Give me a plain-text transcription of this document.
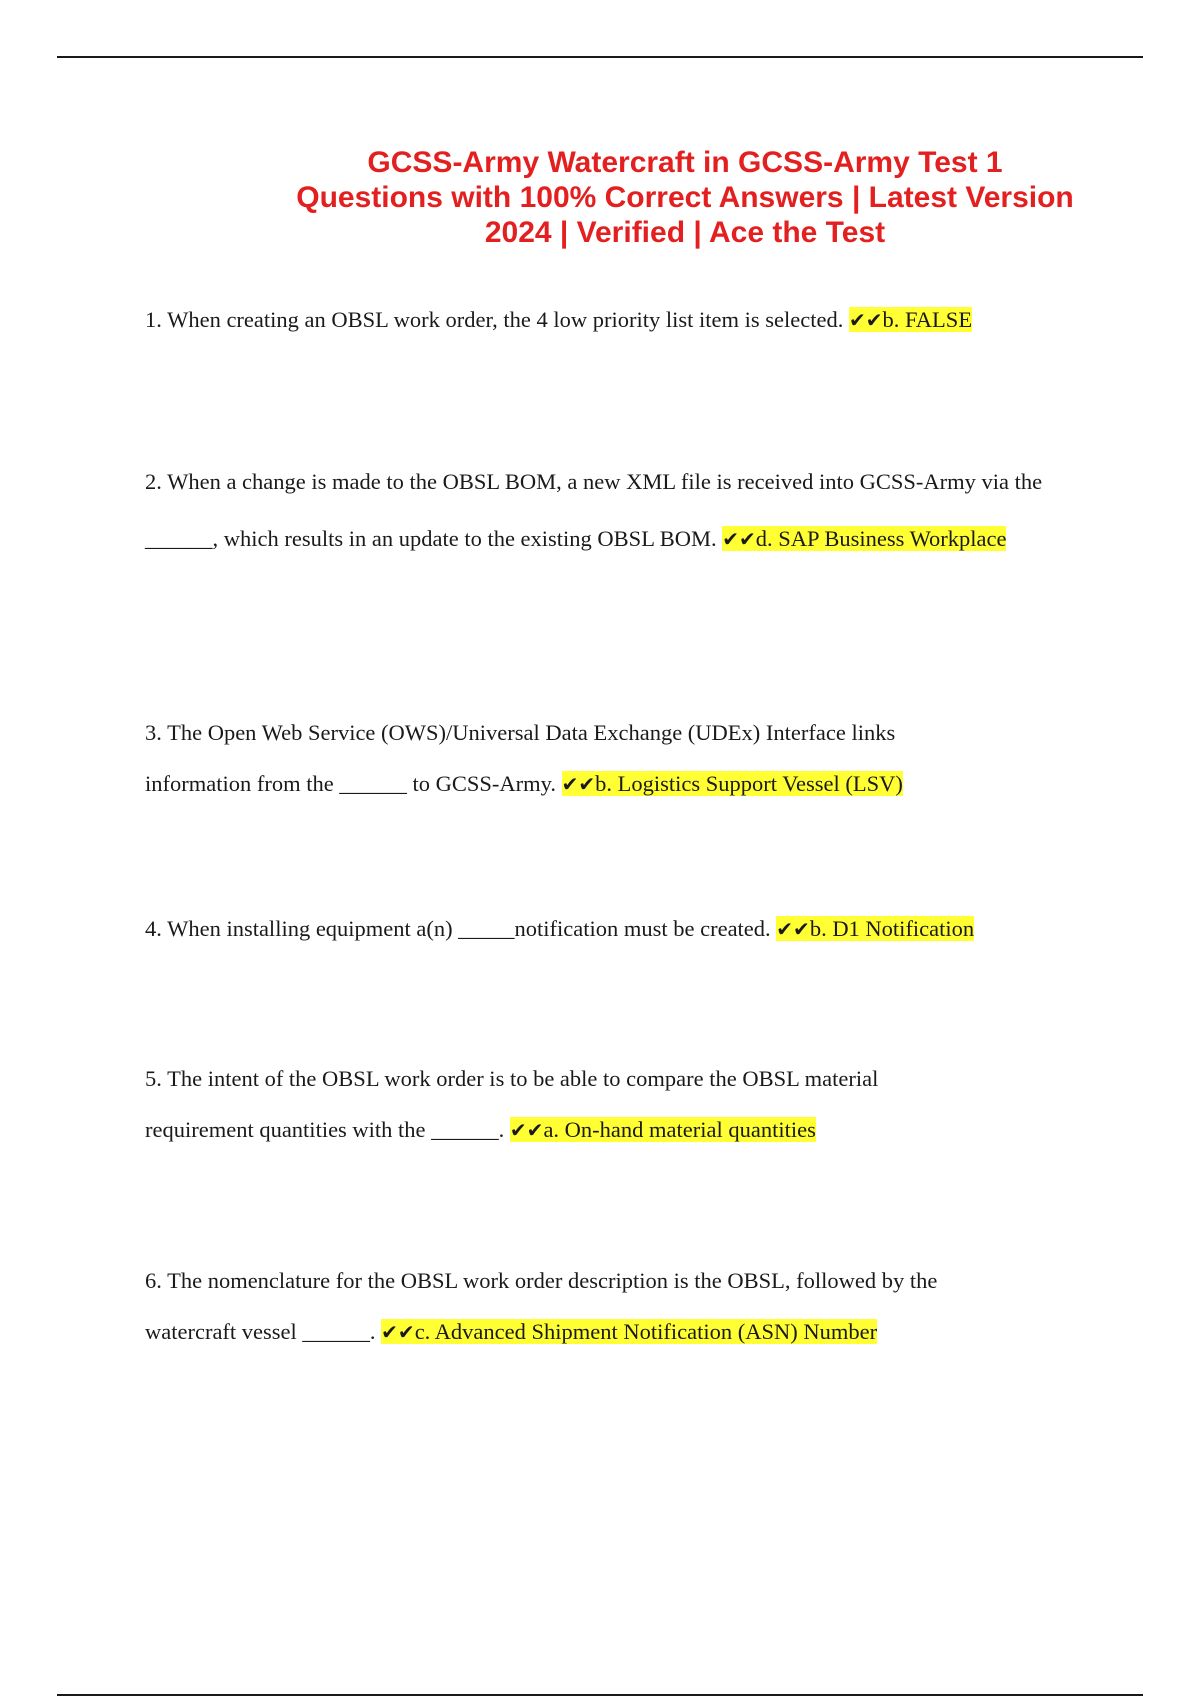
GCSS-Army Watercraft in GCSS-Army Test 1 Questions with 100% Correct Answers | Latest Version 2024 | Verified | Ace the Test

1. When creating an OBSL work order, the 4 low priority list item is selected. ✔✔b. FALSE

2. When a change is made to the OBSL BOM, a new XML file is received into GCSS-Army via the ______, which results in an update to the existing OBSL BOM. ✔✔d. SAP Business Workplace

3. The Open Web Service (OWS)/Universal Data Exchange (UDEx) Interface links information from the ______ to GCSS-Army. ✔✔b. Logistics Support Vessel (LSV)

4. When installing equipment a(n) _____notification must be created. ✔✔b. D1 Notification

5. The intent of the OBSL work order is to be able to compare the OBSL material requirement quantities with the ______. ✔✔a. On-hand material quantities

6. The nomenclature for the OBSL work order description is the OBSL, followed by the watercraft vessel ______. ✔✔c. Advanced Shipment Notification (ASN) Number
